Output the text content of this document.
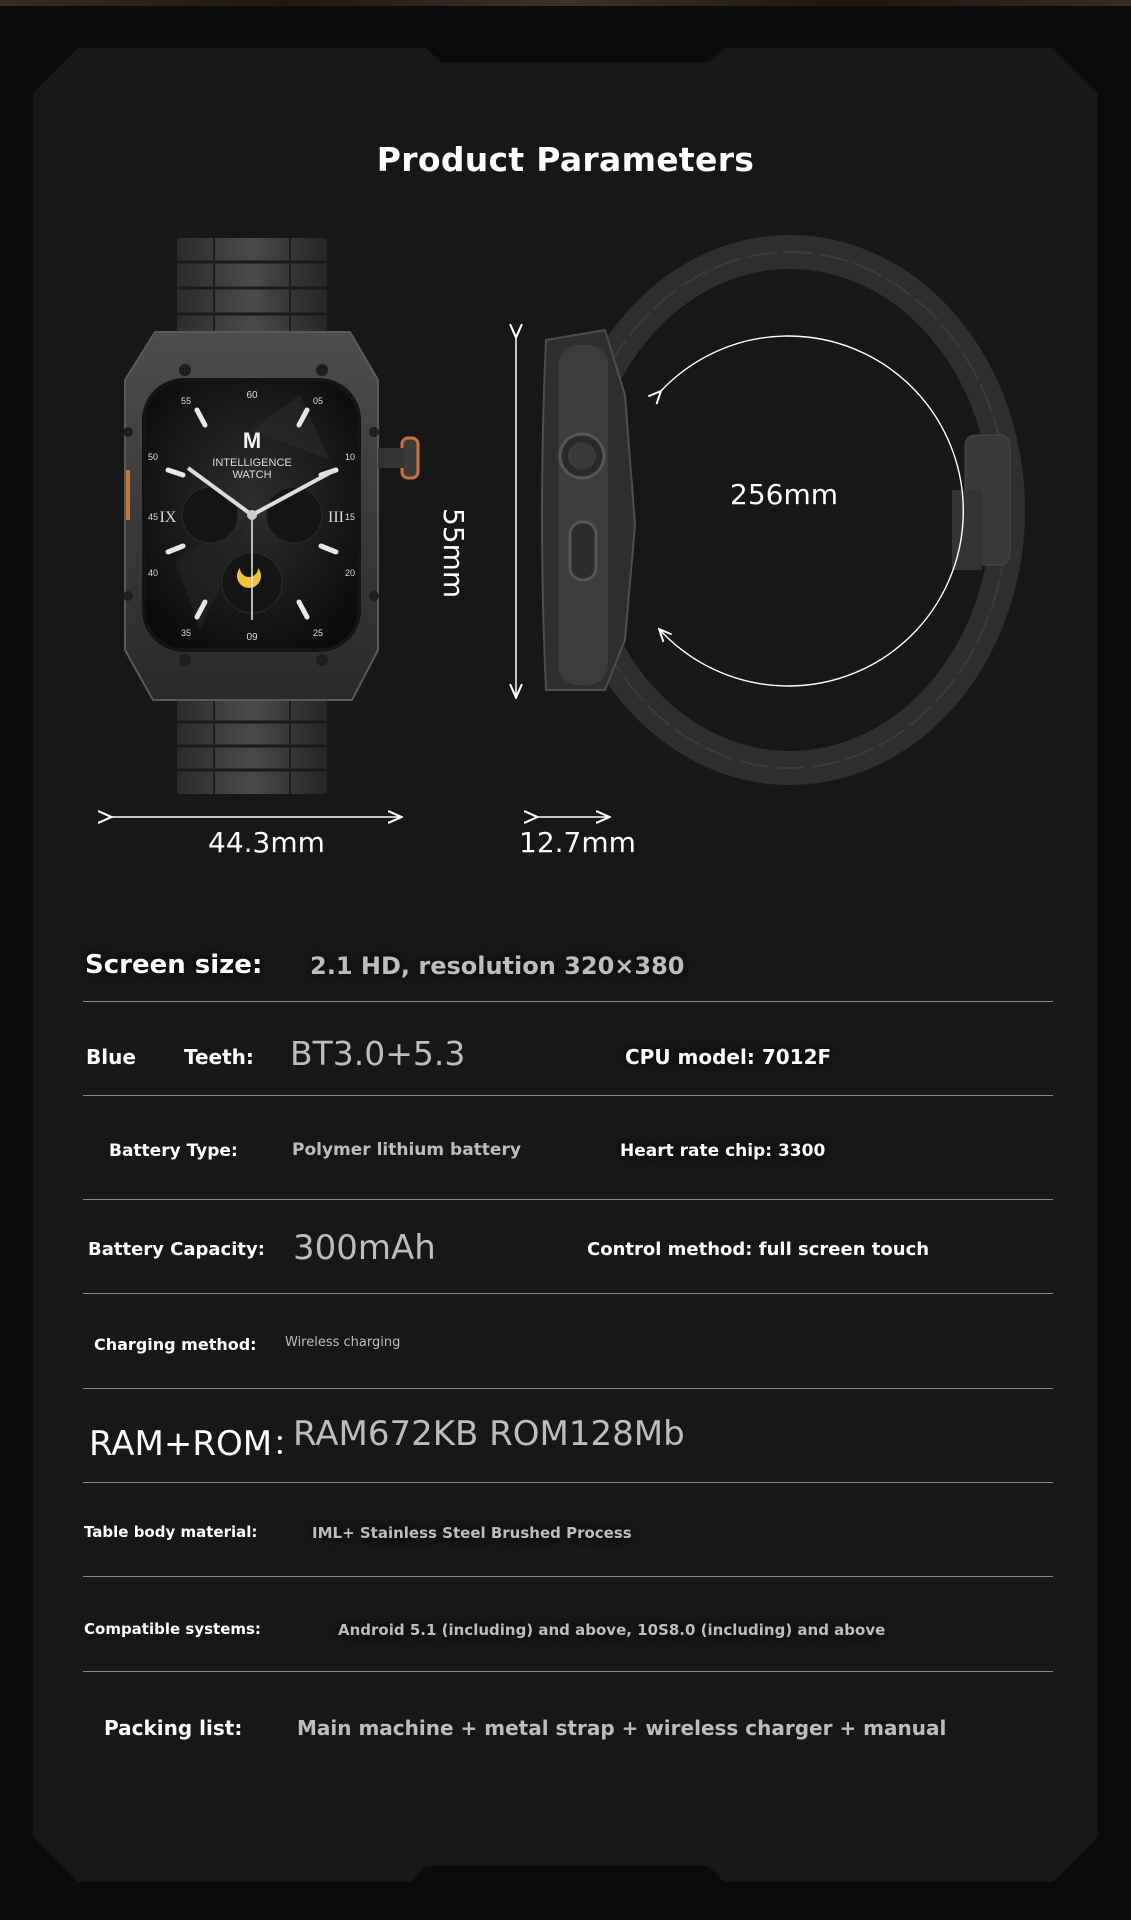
Product Parameters
60
55	05
10
15
20
25
35
40
45
50
09
IX	III
M
INTELLIGENCE
WATCH
55mm
256mm
44.3mm	12.7mm
Screen size: 2.1 HD, resolution 320×380
Blue Teeth: BT3.0+5.3	CPU model: 7012F
Battery Type:	Polymer lithium battery	Heart rate chip: 3300
Battery Capacity: 300mAh	Control method: full screen touch
Charging method: Wireless charging
RAM+ROM：
RAM672KB ROM128Mb
Table body material:	IML+ Stainless Steel Brushed Process
Compatible systems:	Android 5.1 (including) and above, 10S8.0 (including) and above
Packing list:	Main machine + metal strap + wireless charger + manual
